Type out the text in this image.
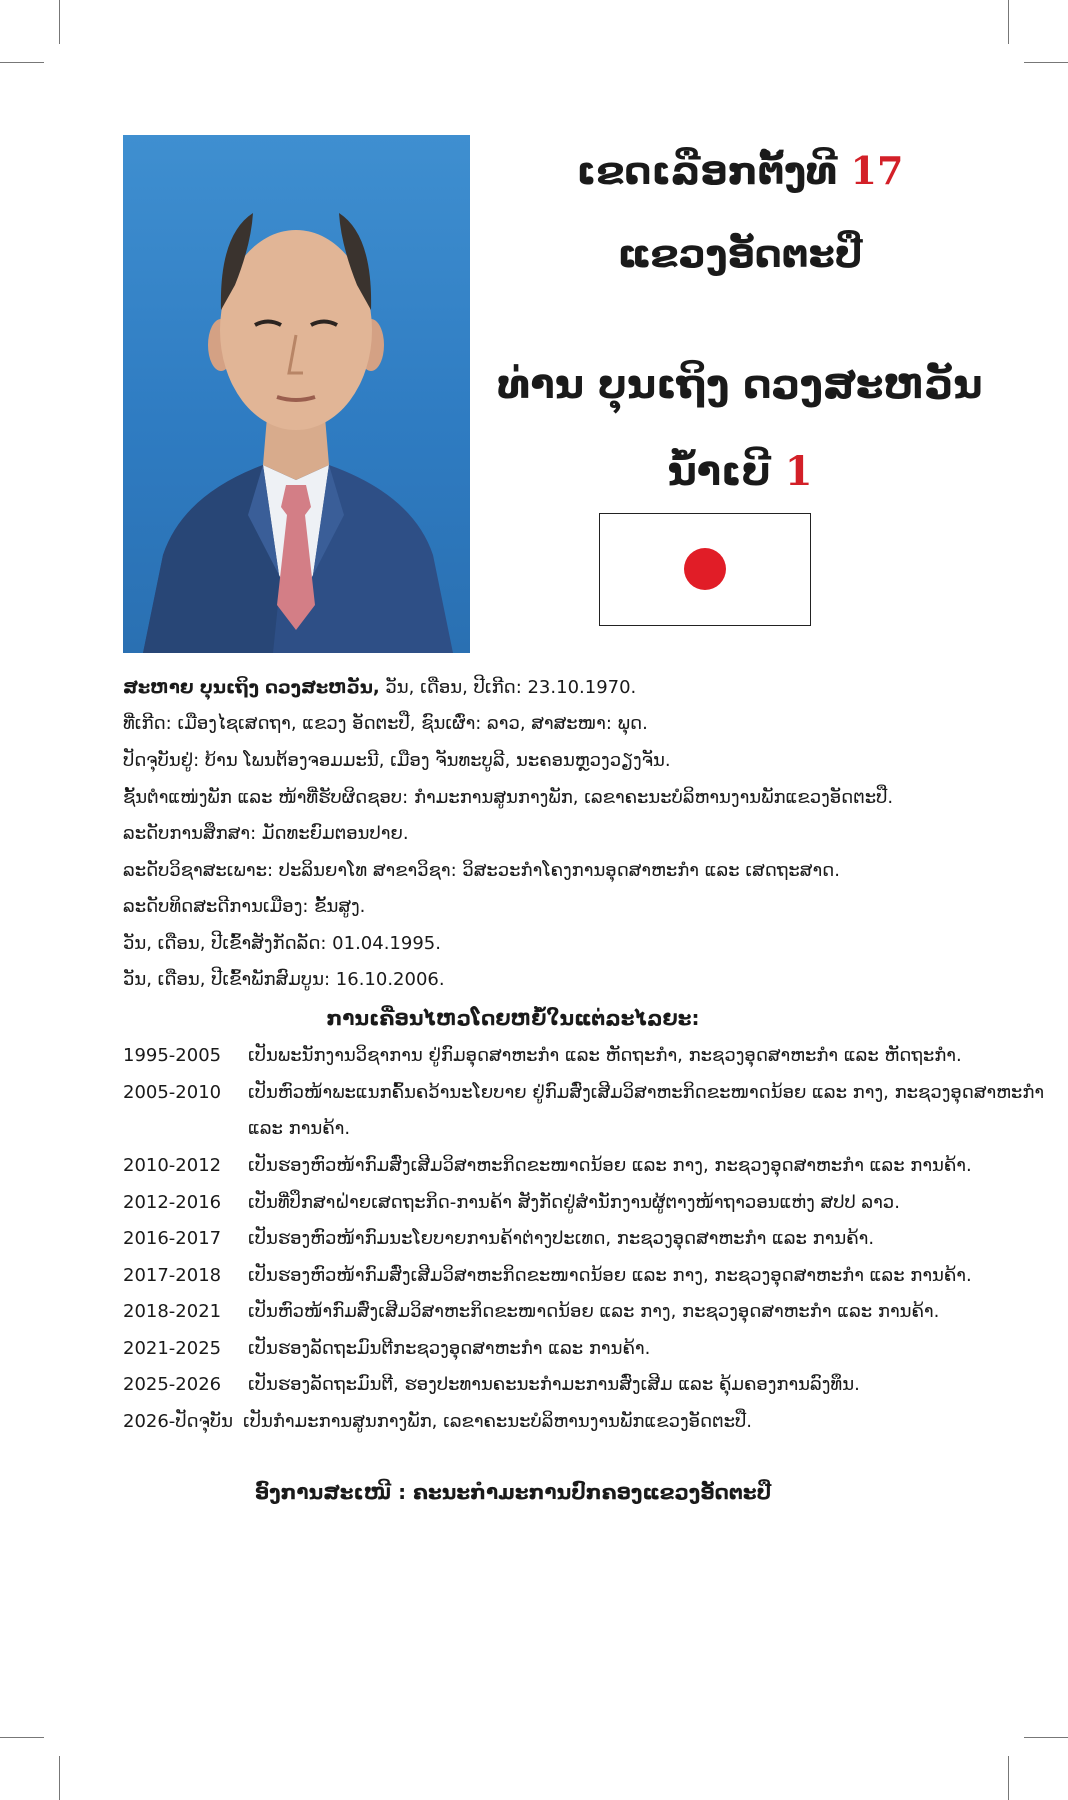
ເຂດເລືອກຕັ້ງທີ 17
ແຂວງອັດຕະປື
ທ່ານ ບຸນເຖິງ ດວງສະຫວັນ
ນ້ຳເບີ 1
ສະຫາຍ ບຸນເຖິງ ດວງສະຫວັນ, ວັນ, ເດືອນ, ປີເກີດ: 23.10.1970.
ທີ່ເກີດ: ເມືອງໄຊເສດຖາ, ແຂວງ ອັດຕະປື, ຊົນເຜົ່າ: ລາວ, ສາສະໜາ: ພຸດ.
ປັດຈຸບັນຢູ່: ບ້ານ ໂພນຕ້ອງຈອມມະນີ, ເມືອງ ຈັນທະບູລີ, ນະຄອນຫຼວງວຽງຈັນ.
ຊັ້ນຕຳແໜ່ງພັກ ແລະ ໜ້າທີ່ຮັບຜິດຊອບ: ກຳມະການສູນກາງພັກ, ເລຂາຄະນະບໍລິຫານງານພັກແຂວງອັດຕະປື.
ລະດັບການສຶກສາ: ມັດທະຍົມຕອນປາຍ.
ລະດັບວິຊາສະເພາະ: ປະລິນຍາໂທ ສາຂາວິຊາ: ວິສະວະກຳໂຄງການອຸດສາຫະກຳ ແລະ ເສດຖະສາດ.
ລະດັບທິດສະດີການເມືອງ: ຂັ້ນສູງ.
ວັນ, ເດືອນ, ປີເຂົ້າສັງກັດລັດ: 01.04.1995.
ວັນ, ເດືອນ, ປີເຂົ້າພັກສົມບູນ: 16.10.2006.
ການເຄື່ອນໄຫວໂດຍຫຍໍ້ໃນແຕ່ລະໄລຍະ:
1995-2005	ເປັນພະນັກງານວິຊາການ ຢູ່ກົມອຸດສາຫະກຳ ແລະ ຫັດຖະກຳ, ກະຊວງອຸດສາຫະກຳ ແລະ ຫັດຖະກຳ.
2005-2010	ເປັນຫົວໜ້າພະແນກຄົ້ນຄວ້ານະໂຍບາຍ ຢູ່ກົມສົ່ງເສີມວິສາຫະກິດຂະໜາດນ້ອຍ ແລະ ກາງ, ກະຊວງອຸດສາຫະກຳ ແລະ ການຄ້າ.
2010-2012	ເປັນຮອງຫົວໜ້າກົມສົ່ງເສີມວິສາຫະກິດຂະໜາດນ້ອຍ ແລະ ກາງ, ກະຊວງອຸດສາຫະກຳ ແລະ ການຄ້າ.
2012-2016	ເປັນທີ່ປຶກສາຝ່າຍເສດຖະກິດ-ການຄ້າ ສັງກັດຢູ່ສຳນັກງານຜູ້ຕາງໜ້າຖາວອນແຫ່ງ ສປປ ລາວ.
2016-2017	ເປັນຮອງຫົວໜ້າກົມນະໂຍບາຍການຄ້າຕ່າງປະເທດ, ກະຊວງອຸດສາຫະກຳ ແລະ ການຄ້າ.
2017-2018	ເປັນຮອງຫົວໜ້າກົມສົ່ງເສີມວິສາຫະກິດຂະໜາດນ້ອຍ ແລະ ກາງ, ກະຊວງອຸດສາຫະກຳ ແລະ ການຄ້າ.
2018-2021	ເປັນຫົວໜ້າກົມສົ່ງເສີມວິສາຫະກິດຂະໜາດນ້ອຍ ແລະ ກາງ, ກະຊວງອຸດສາຫະກຳ ແລະ ການຄ້າ.
2021-2025	ເປັນຮອງລັດຖະມົນຕີກະຊວງອຸດສາຫະກຳ ແລະ ການຄ້າ.
2025-2026	ເປັນຮອງລັດຖະມົນຕີ, ຮອງປະທານຄະນະກຳມະການສົ່ງເສີມ ແລະ ຄຸ້ມຄອງການລົງທຶນ.
2026-ປັດຈຸບັນ ເປັນກຳມະການສູນກາງພັກ, ເລຂາຄະນະບໍລິຫານງານພັກແຂວງອັດຕະປື.
ອົງການສະເໜີ : ຄະນະກຳມະການປົກຄອງແຂວງອັດຕະປື
